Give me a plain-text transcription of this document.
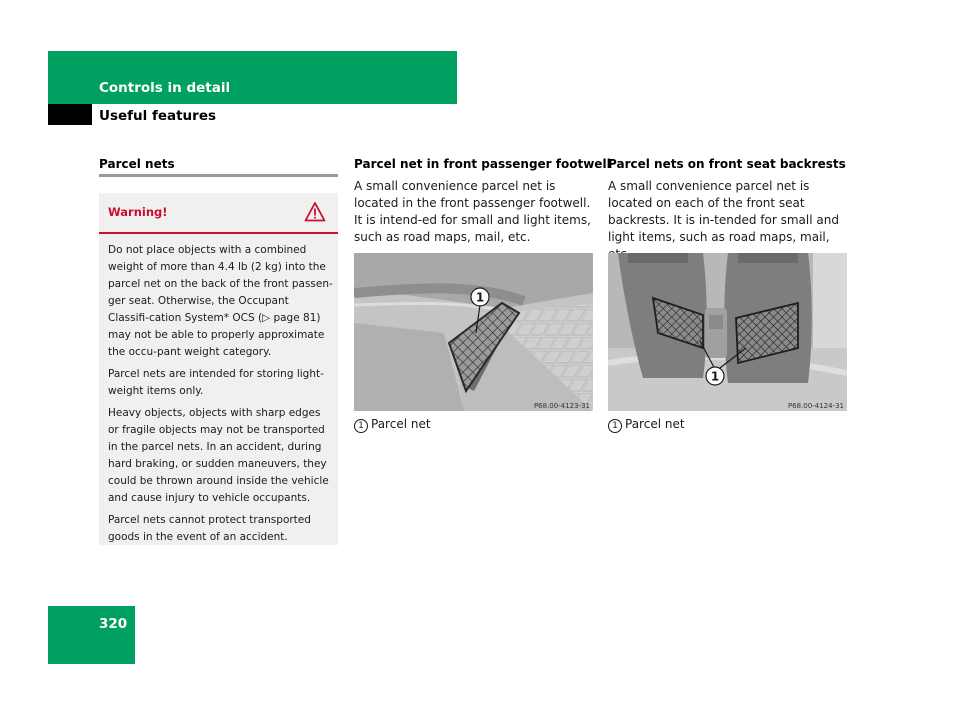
Controls in detail
Useful features
Parcel nets
Warning!

Do not place objects with a combined weight of more than 4.4 lb (2 kg) into the parcel net on the back of the front passen-ger seat. Otherwise, the Occupant Classifi-cation System* OCS (▷ page 81) may not be able to properly approximate the occu-pant weight category.

Parcel nets are intended for storing light-weight items only.

Heavy objects, objects with sharp edges or fragile objects may not be transported in the parcel nets. In an accident, during hard braking, or sudden maneuvers, they could be thrown around inside the vehicle and cause injury to vehicle occupants.

Parcel nets cannot protect transported goods in the event of an accident.

Parcel net in front passenger footwell
A small convenience parcel net is located in the front passenger footwell. It is intend-ed for small and light items, such as road maps, mail, etc.
1
P68.00-4123-31
1 Parcel net
Parcel nets on front seat backrests
A small convenience parcel net is located on each of the front seat backrests. It is in-tended for small and light items, such as road maps, mail,
1
P68.00-4124-31
1 Parcel net
320
